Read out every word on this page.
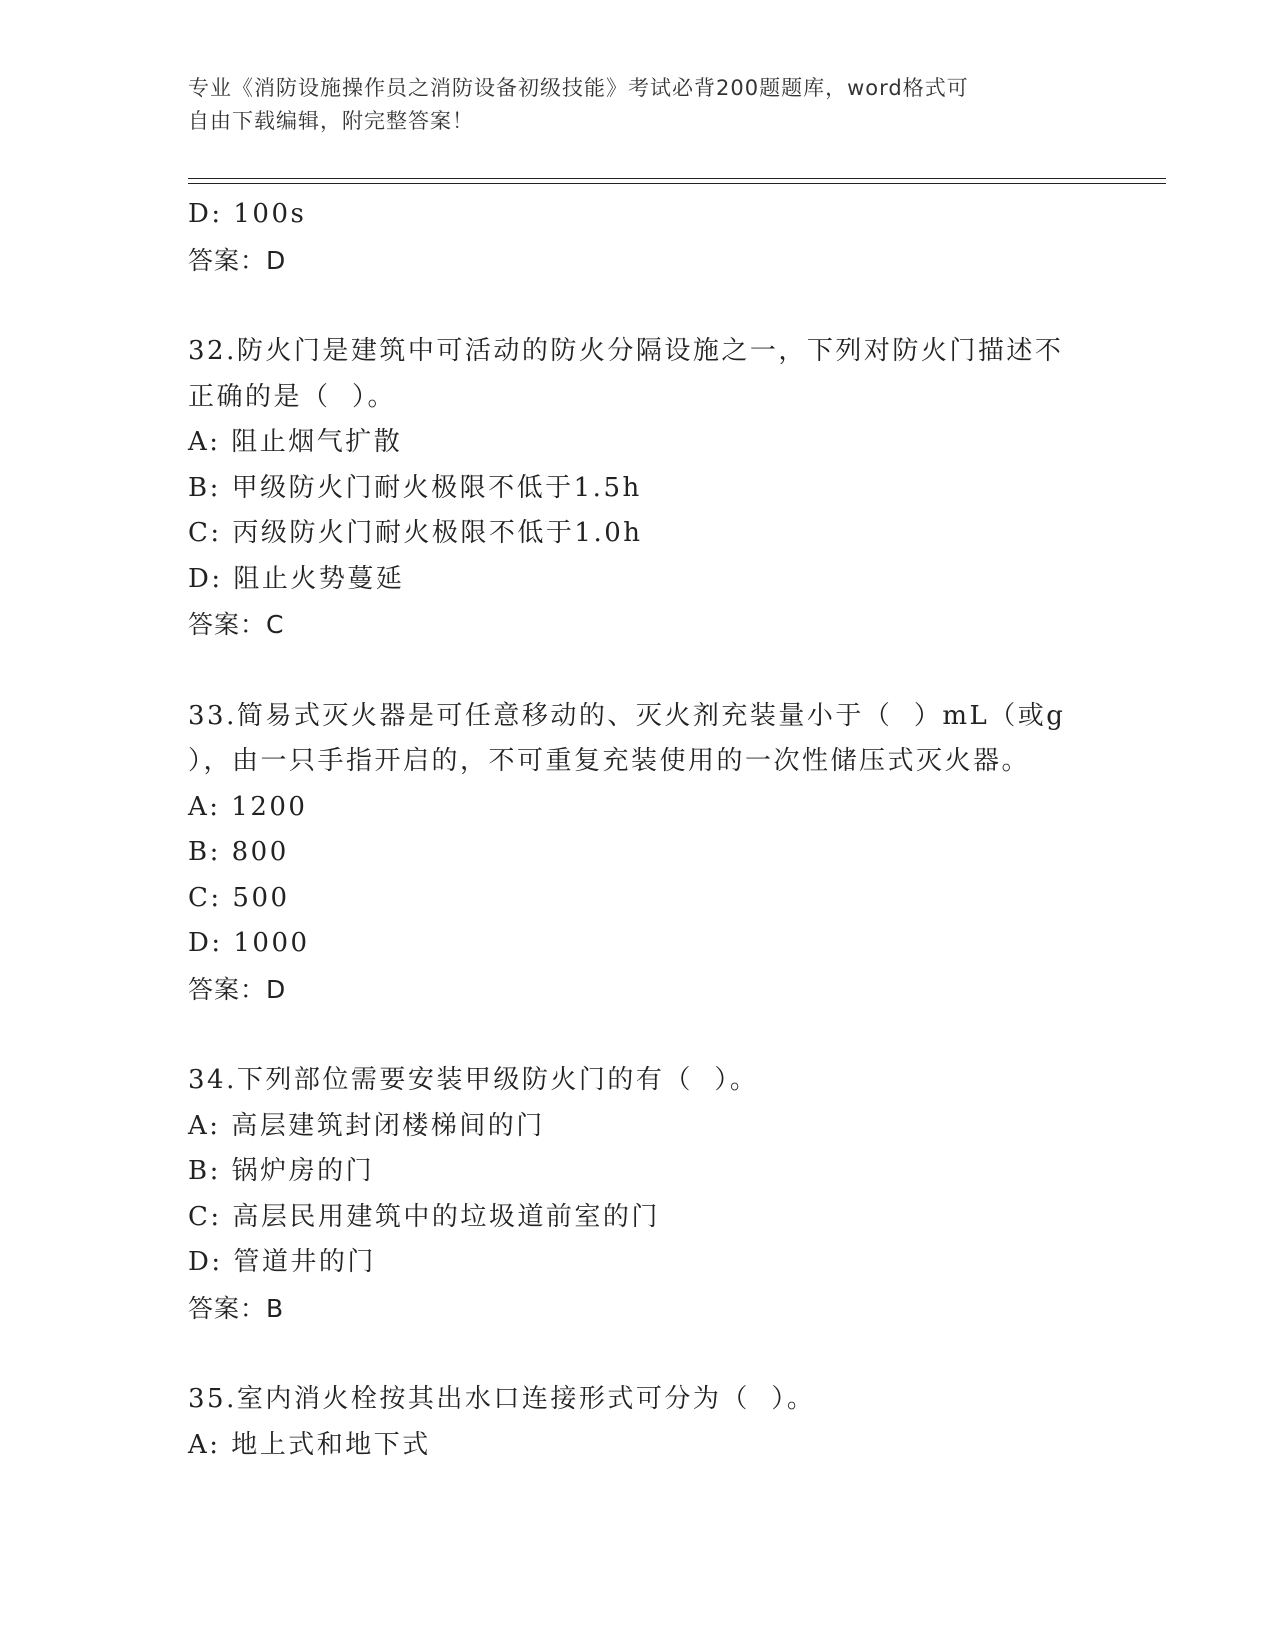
专业《消防设施操作员之消防设备初级技能》考试必背200题题库，word格式可
自由下载编辑，附完整答案！
D: 100s
答案：D
32.防火门是建筑中可活动的防火分隔设施之一，下列对防火门描述不
正确的是（  ）。
A: 阻止烟气扩散
B: 甲级防火门耐火极限不低于1.5h
C: 丙级防火门耐火极限不低于1.0h
D: 阻止火势蔓延
答案：C
33.简易式灭火器是可任意移动的、灭火剂充装量小于（  ）mL（或g
），由一只手指开启的，不可重复充装使用的一次性储压式灭火器。
A: 1200
B: 800
C: 500
D: 1000
答案：D
34.下列部位需要安装甲级防火门的有（  ）。
A: 高层建筑封闭楼梯间的门
B: 锅炉房的门
C: 高层民用建筑中的垃圾道前室的门
D: 管道井的门
答案：B
35.室内消火栓按其出水口连接形式可分为（  ）。
A: 地上式和地下式
